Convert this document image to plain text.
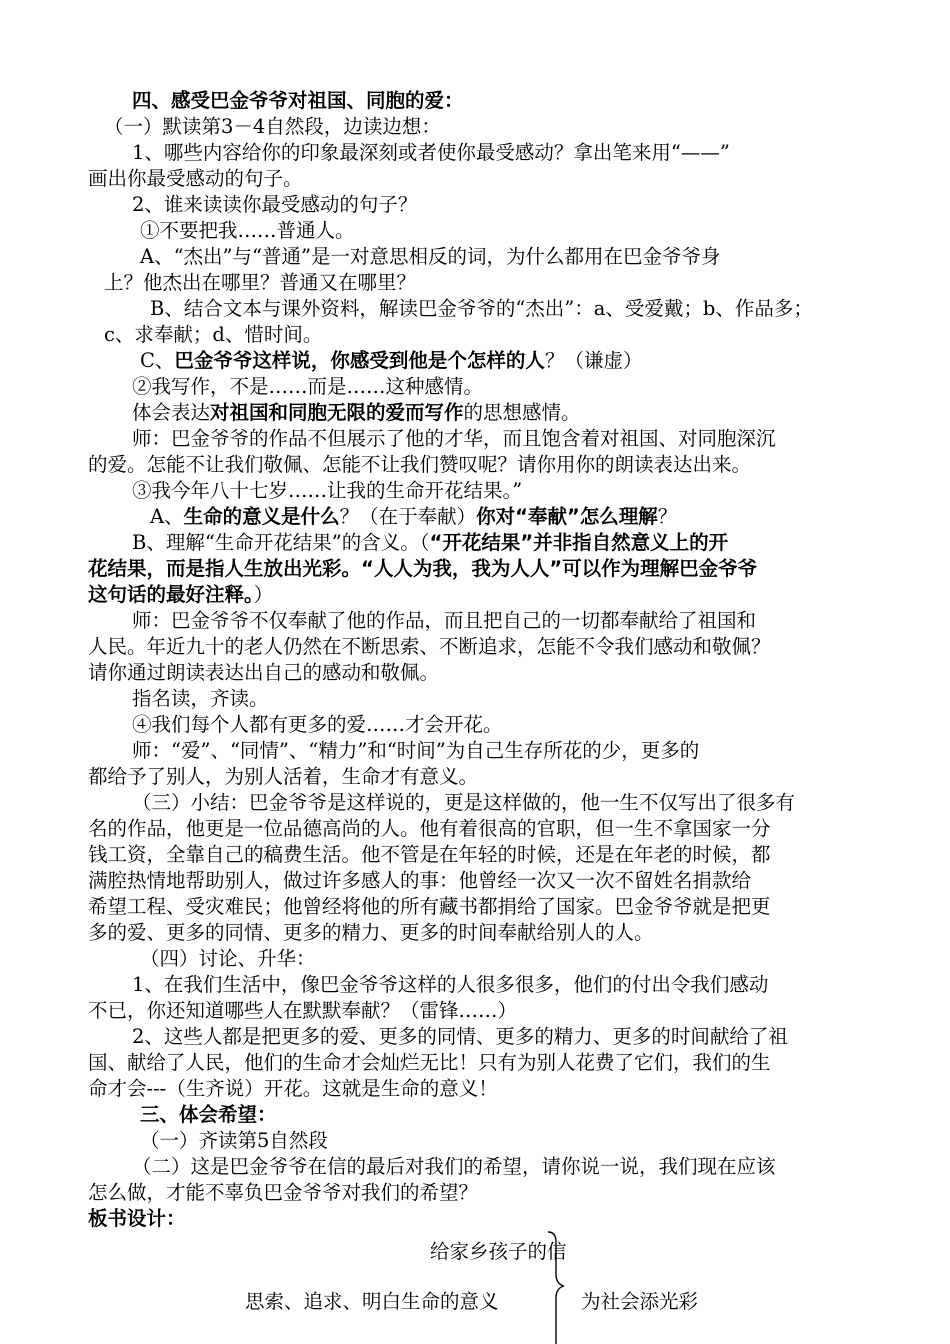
四、感受巴金爷爷对祖国、同胞的爱：
（一）默读第3－4自然段，边读边想：
1、哪些内容给你的印象最深刻或者使你最受感动？拿出笔来用“——”
画出你最受感动的句子。
2、谁来读读你最受感动的句子？
①不要把我……普通人。
A、“杰出”与“普通”是一对意思相反的词，为什么都用在巴金爷爷身
上？他杰出在哪里？普通又在哪里？
B、结合文本与课外资料，解读巴金爷爷的“杰出”：a、受爱戴；b、作品多；
c、求奉献；d、惜时间。
C、巴金爷爷这样说，你感受到他是个怎样的人？（谦虚）
②我写作，不是……而是……这种感情。
体会表达对祖国和同胞无限的爱而写作的思想感情。
师：巴金爷爷的作品不但展示了他的才华，而且饱含着对祖国、对同胞深沉
的爱。怎能不让我们敬佩、怎能不让我们赞叹呢？请你用你的朗读表达出来。
③我今年八十七岁……让我的生命开花结果。”
A、生命的意义是什么？（在于奉献）你对“奉献”怎么理解？
B、理解“生命开花结果”的含义。（“开花结果”并非指自然意义上的开
花结果，而是指人生放出光彩。“人人为我，我为人人”可以作为理解巴金爷爷
这句话的最好注释。）
师：巴金爷爷不仅奉献了他的作品，而且把自己的一切都奉献给了祖国和
人民。年近九十的老人仍然在不断思索、不断追求，怎能不令我们感动和敬佩？
请你通过朗读表达出自己的感动和敬佩。
指名读，齐读。
④我们每个人都有更多的爱……才会开花。
师：“爱”、“同情”、“精力”和“时间”为自己生存所花的少，更多的
都给予了别人，为别人活着，生命才有意义。
（三）小结：巴金爷爷是这样说的，更是这样做的，他一生不仅写出了很多有
名的作品，他更是一位品德高尚的人。他有着很高的官职，但一生不拿国家一分
钱工资，全靠自己的稿费生活。他不管是在年轻的时候，还是在年老的时候，都
满腔热情地帮助别人，做过许多感人的事：他曾经一次又一次不留姓名捐款给
希望工程、受灾难民；他曾经将他的所有藏书都捐给了国家。巴金爷爷就是把更
多的爱、更多的同情、更多的精力、更多的时间奉献给别人的人。
（四）讨论、升华：
1、在我们生活中，像巴金爷爷这样的人很多很多，他们的付出令我们感动
不已，你还知道哪些人在默默奉献？（雷锋……）
2、这些人都是把更多的爱、更多的同情、更多的精力、更多的时间献给了祖
国、献给了人民，他们的生命才会灿烂无比！只有为别人花费了它们，我们的生
命才会---（生齐说）开花。这就是生命的意义！
三、体会希望：
（一）齐读第5自然段
（二）这是巴金爷爷在信的最后对我们的希望，请你说一说，我们现在应该
怎么做，才能不辜负巴金爷爷对我们的希望？
板书设计：
给家乡孩子的信
思索、追求、明白生命的意义	为社会添光彩
